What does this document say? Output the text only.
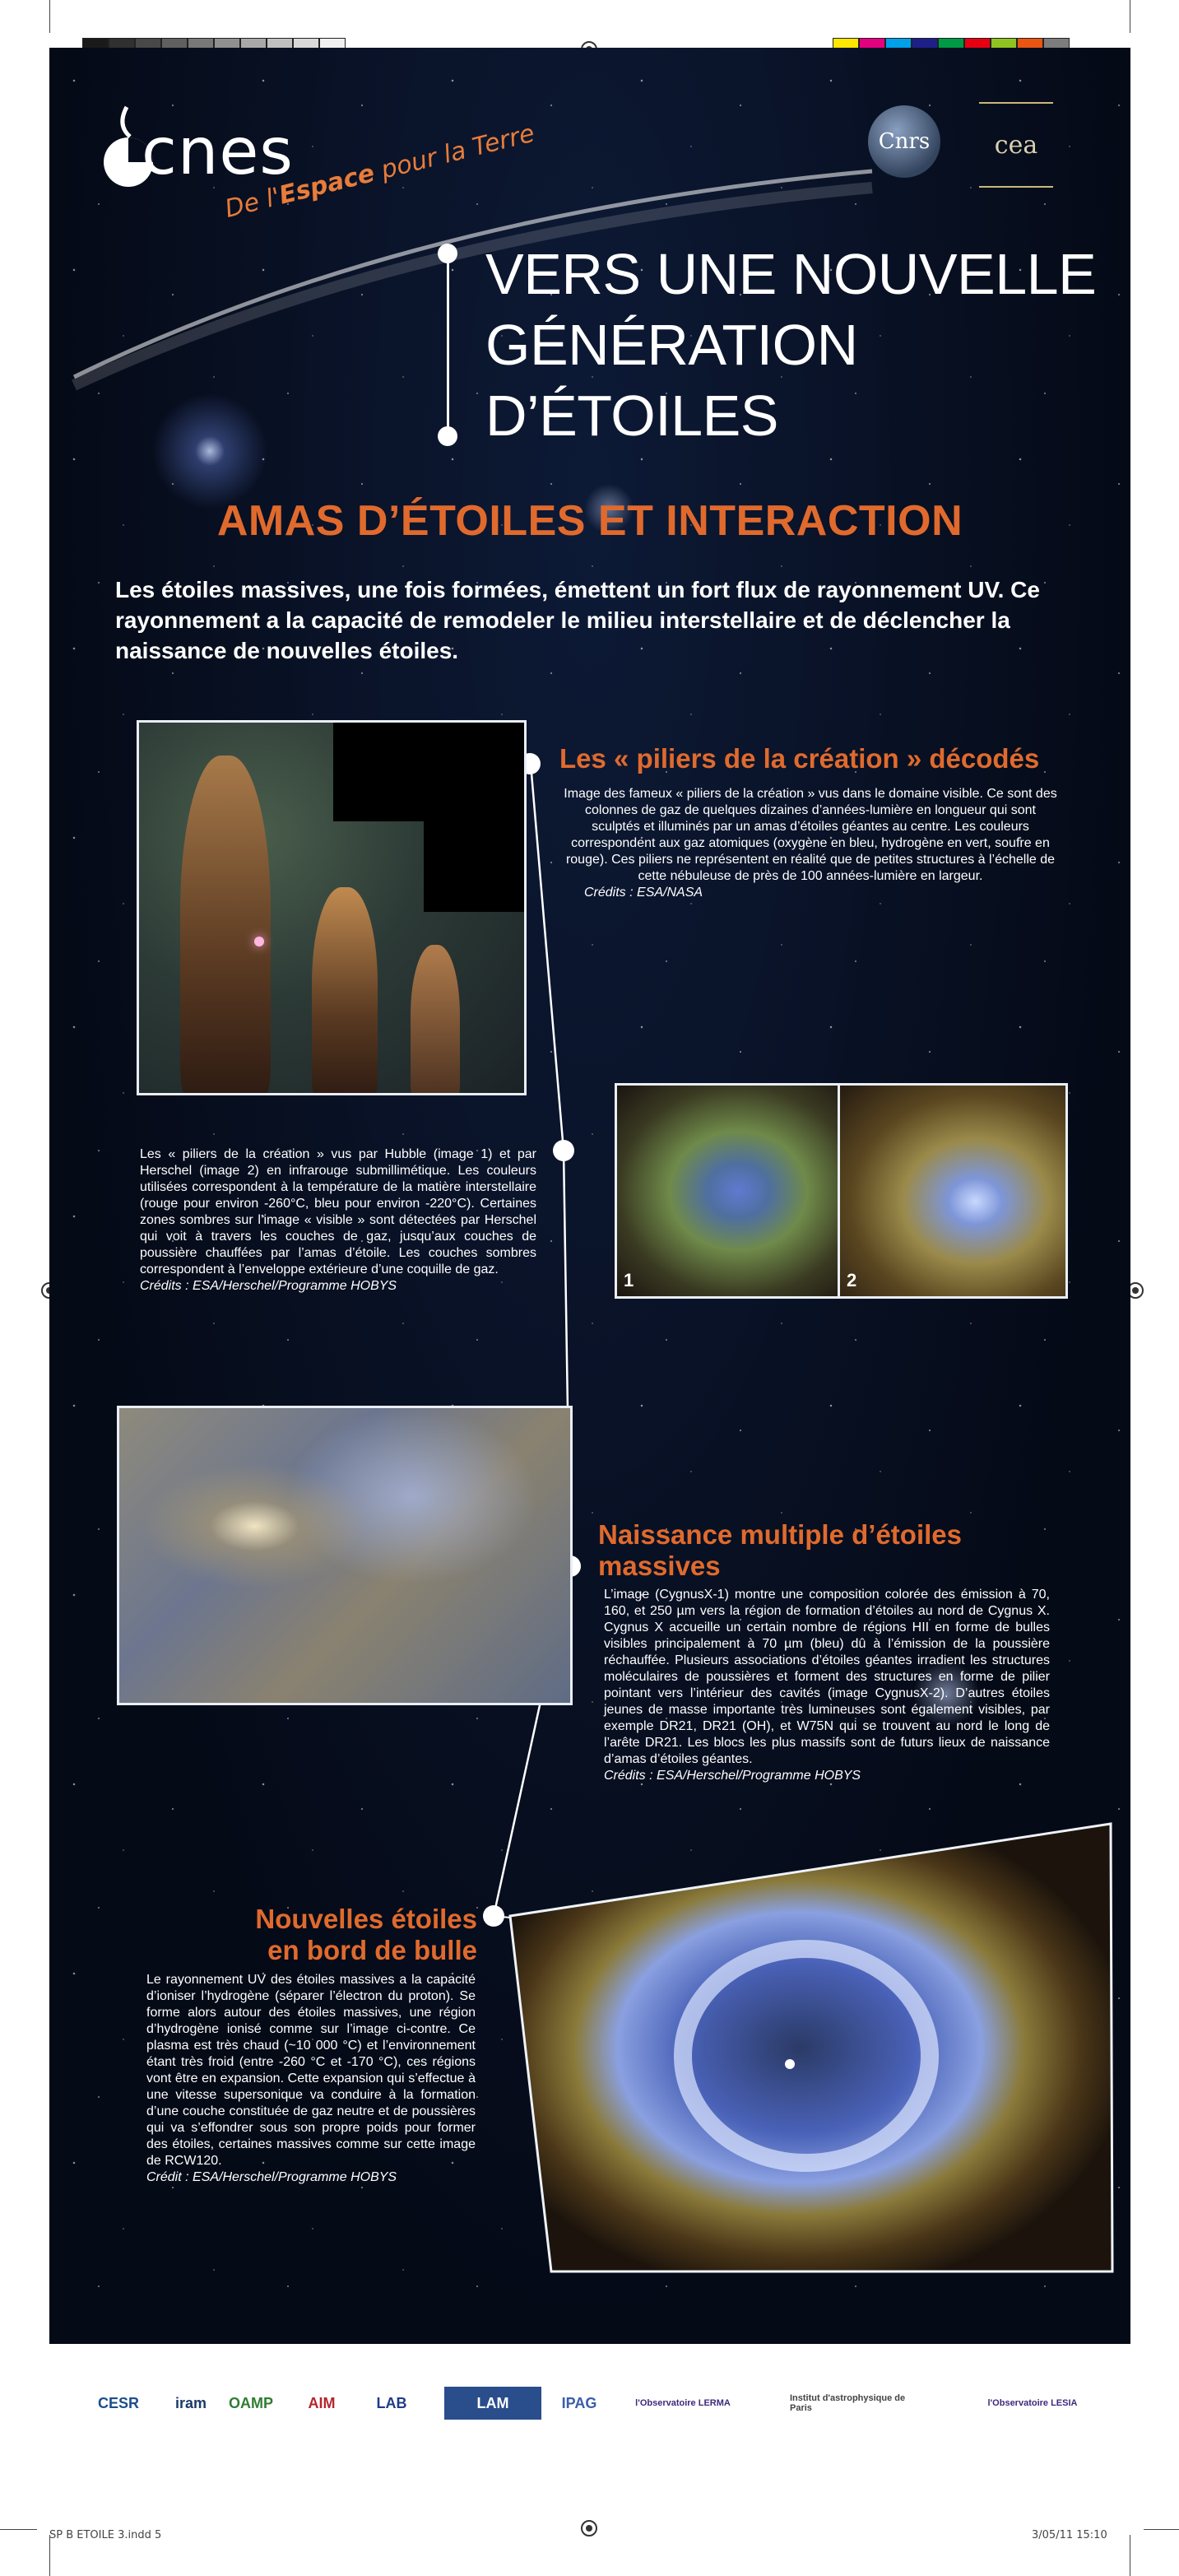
SP B ETOILE 3.indd 5	3/05/11 15:10
cnes
De l'Espace pour la Terre	Cnrs	cea
VERS UNE NOUVELLE
GÉNÉRATION
D’ÉTOILES
AMAS D’ÉTOILES ET INTERACTION

Les étoiles massives, une fois formées, émettent un fort flux de rayonnement UV. Ce rayonnement a la capacité de remodeler le milieu interstellaire et de déclencher la naissance de nouvelles étoiles.

Les « piliers de la création » décodés

Image des fameux « piliers de la création » vus dans le domaine visible. Ce sont des colonnes de gaz de quelques dizaines d’années-lumière en longueur qui sont sculptés et illuminés par un amas d’étoiles géantes au centre. Les couleurs correspondent aux gaz atomiques (oxygène en bleu, hydrogène en vert, soufre en rouge). Ces piliers ne représentent en réalité que de petites structures à l’échelle de cette nébuleuse de près de 100 années-lumière en largeur.
Crédits : ESA/NASA

Les « piliers de la création » vus par Hubble (image 1) et par Herschel (image 2) en infrarouge submillimétique. Les couleurs utilisées correspondent à la température de la matière interstellaire (rouge pour environ -260°C, bleu pour environ -220°C). Certaines zones sombres sur l’image « visible » sont détectées par Herschel qui voit à travers les couches de gaz, jusqu’aux couches de poussière chauffées par l’amas d’étoile. Les couches sombres correspondent à l’enveloppe extérieure d’une coquille de gaz.
Crédits : ESA/Herschel/Programme HOBYS	1	2
Naissance multiple d’étoiles massives

L’image (CygnusX-1) montre une composition colorée des émission à 70, 160, et 250 µm vers la région de formation d’étoiles au nord de Cygnus X. Cygnus X accueille un certain nombre de régions HII en forme de bulles visibles principalement à 70 µm (bleu) dû à l’émission de la poussière réchauffée. Plusieurs associations d’étoiles géantes irradient les structures moléculaires de poussières et forment des structures en forme de pilier pointant vers l’intérieur des cavités (image CygnusX-2). D’autres étoiles jeunes de masse importante très lumineuses sont également visibles, par exemple DR21, DR21 (OH), et W75N qui se trouvent au nord le long de l’arête DR21. Les blocs les plus massifs sont de futurs lieux de naissance d’amas d’étoiles géantes.
Crédits : ESA/Herschel/Programme HOBYS

Nouvelles étoiles
en bord de bulle

Le rayonnement UV des étoiles massives a la capacité d’ioniser l’hydrogène (séparer l’électron du proton). Se forme alors autour des étoiles massives, une région d’hydrogène ionisé comme sur l’image ci-contre. Ce plasma est très chaud (~10 000 °C) et l’environnement étant très froid (entre -260 °C et -170 °C), ces régions vont être en expansion. Cette expansion qui s’effectue à une vitesse supersonique va conduire à la formation d’une couche constituée de gaz neutre et de poussières qui va s’effondrer sous son propre poids pour former des étoiles, certaines massives comme sur cette image de RCW120.
Crédit : ESA/Herschel/Programme HOBYS

CESR	iram	OAMP	AIM	LAB	LAM	IPAG	l'Observatoire LERMA	Institut d'astrophysique de Paris	l'Observatoire LESIA
